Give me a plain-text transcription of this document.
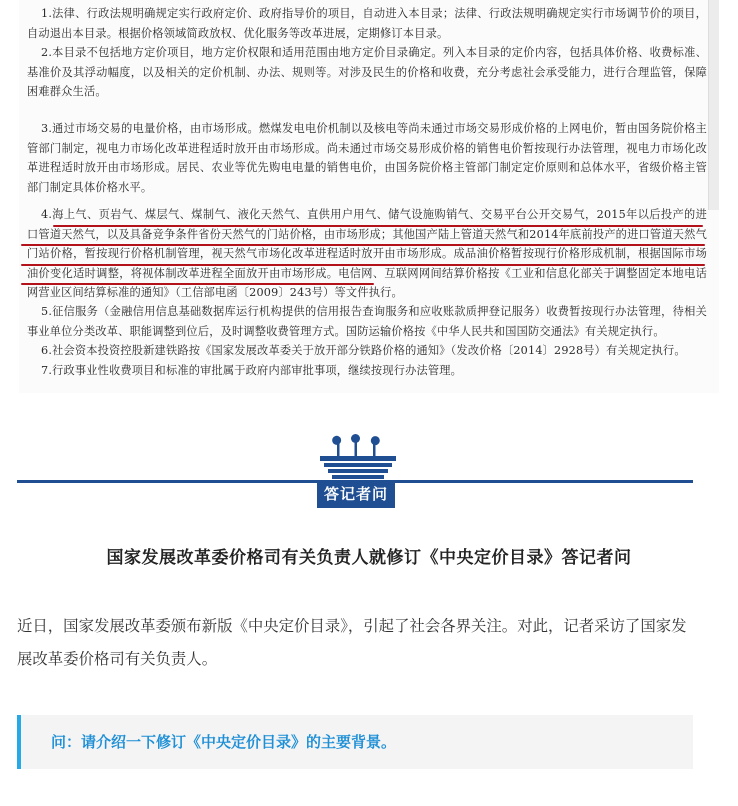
1.法律、行政法规明确规定实行政府定价、政府指导价的项目，自动进入本目录；法律、行政法规明确规定实行市场调节价的项目，自动退出本目录。根据价格领域简政放权、优化服务等改革进展，定期修订本目录。
2.本目录不包括地方定价项目，地方定价权限和适用范围由地方定价目录确定。列入本目录的定价内容，包括具体价格、收费标准、基准价及其浮动幅度，以及相关的定价机制、办法、规则等。对涉及民生的价格和收费，充分考虑社会承受能力，进行合理监管，保障困难群众生活。
3.通过市场交易的电量价格，由市场形成。燃煤发电电价机制以及核电等尚未通过市场交易形成价格的上网电价，暂由国务院价格主管部门制定，视电力市场化改革进程适时放开由市场形成。尚未通过市场交易形成价格的销售电价暂按现行办法管理，视电力市场化改革进程适时放开由市场形成。居民、农业等优先购电电量的销售电价，由国务院价格主管部门制定定价原则和总体水平，省级价格主管部门制定具体价格水平。
4.海上气、页岩气、煤层气、煤制气、液化天然气、直供用户用气、储气设施购销气、交易平台公开交易气，2015年以后投产的进口管道天然气，以及具备竞争条件省份天然气的门站价格，由市场形成；其他国产陆上管道天然气和2014年底前投产的进口管道天然气门站价格，暂按现行价格机制管理，视天然气市场化改革进程适时放开由市场形成。成品油价格暂按现行价格形成机制，根据国际市场油价变化适时调整，将视体制改革进程全面放开由市场形成。电信网、互联网网间结算价格按《工业和信息化部关于调整固定本地电话网营业区间结算标准的通知》（工信部电函〔2009〕243号）等文件执行。
5.征信服务（金融信用信息基础数据库运行机构提供的信用报告查询服务和应收账款质押登记服务）收费暂按现行办法管理，待相关事业单位分类改革、职能调整到位后，及时调整收费管理方式。国防运输价格按《中华人民共和国国防交通法》有关规定执行。
6.社会资本投资控股新建铁路按《国家发展改革委关于放开部分铁路价格的通知》（发改价格〔2014〕2928号）有关规定执行。
7.行政事业性收费项目和标准的审批属于政府内部审批事项，继续按现行办法管理。
答记者问
国家发展改革委价格司有关负责人就修订《中央定价目录》答记者问
近日，国家发展改革委颁布新版《中央定价目录》，引起了社会各界关注。对此，记者采访了国家发展改革委价格司有关负责人。
问：请介绍一下修订《中央定价目录》的主要背景。
